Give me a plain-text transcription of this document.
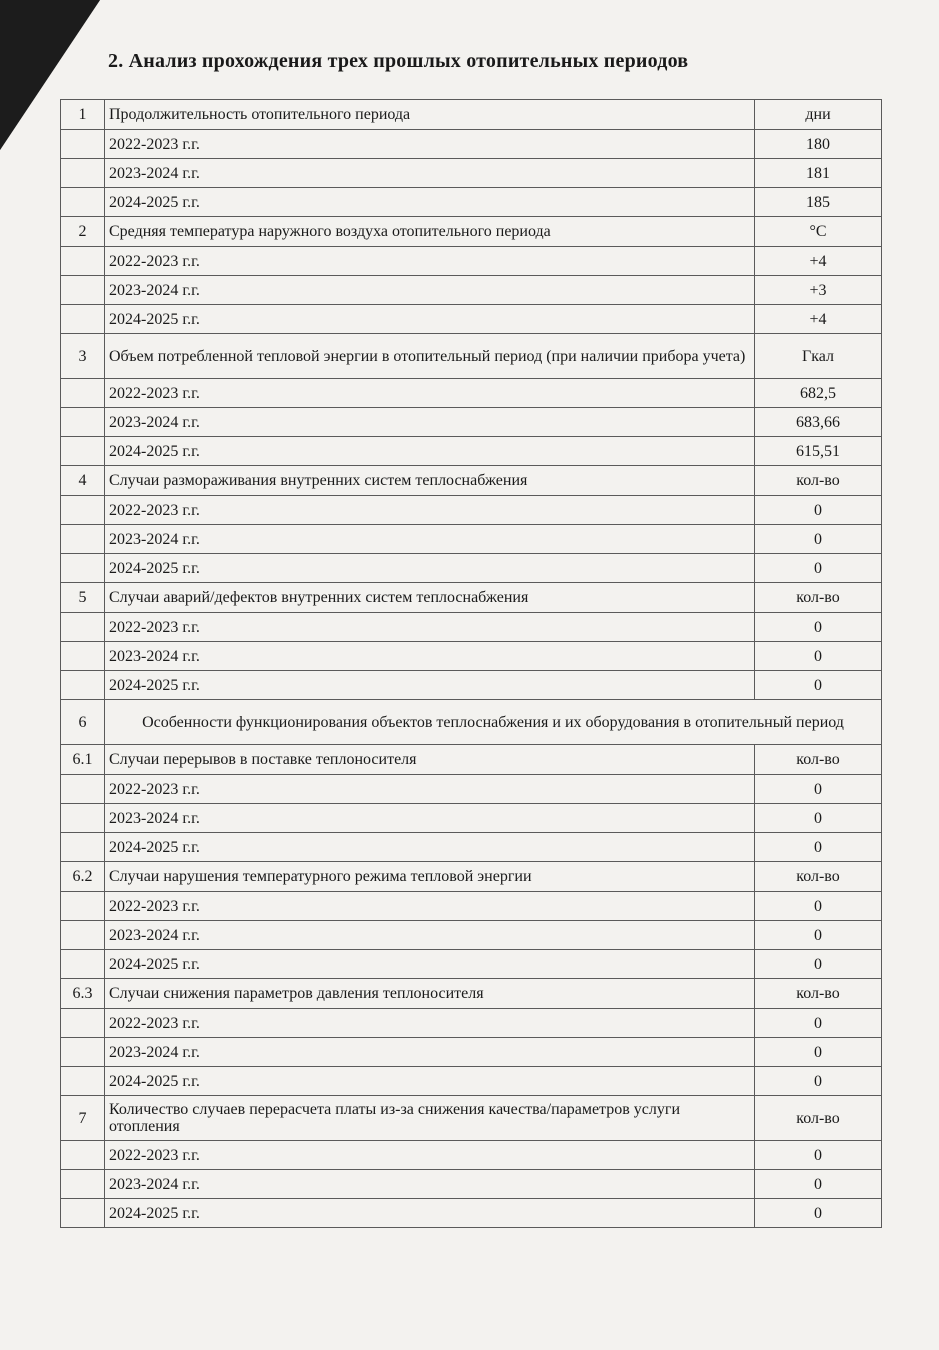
2. Анализ прохождения трех прошлых отопительных периодов
1	Продолжительность отопительного периода	дни
	2022-2023 г.г.	180
	2023-2024 г.г.	181
	2024-2025 г.г.	185
2	Средняя температура наружного воздуха отопительного периода	°С
	2022-2023 г.г.	+4
	2023-2024 г.г.	+3
	2024-2025 г.г.	+4
3	Объем потребленной тепловой энергии в отопительный период (при наличии прибора учета)	Гкал
	2022-2023 г.г.	682,5
	2023-2024 г.г.	683,66
	2024-2025 г.г.	615,51
4	Случаи размораживания внутренних систем теплоснабжения	кол-во
	2022-2023 г.г.	0
	2023-2024 г.г.	0
	2024-2025 г.г.	0
5	Случаи аварий/дефектов внутренних систем теплоснабжения	кол-во
	2022-2023 г.г.	0
	2023-2024 г.г.	0
	2024-2025 г.г.	0
6	Особенности функционирования объектов теплоснабжения и их оборудования в отопительный период	
6.1	Случаи перерывов в поставке теплоносителя	кол-во
	2022-2023 г.г.	0
	2023-2024 г.г.	0
	2024-2025 г.г.	0
6.2	Случаи нарушения температурного режима тепловой энергии	кол-во
	2022-2023 г.г.	0
	2023-2024 г.г.	0
	2024-2025 г.г.	0
6.3	Случаи снижения параметров давления теплоносителя	кол-во
	2022-2023 г.г.	0
	2023-2024 г.г.	0
	2024-2025 г.г.	0
7	Количество случаев перерасчета платы из-за снижения качества/параметров услуги отопления	кол-во
	2022-2023 г.г.	0
	2023-2024 г.г.	0
	2024-2025 г.г.	0
